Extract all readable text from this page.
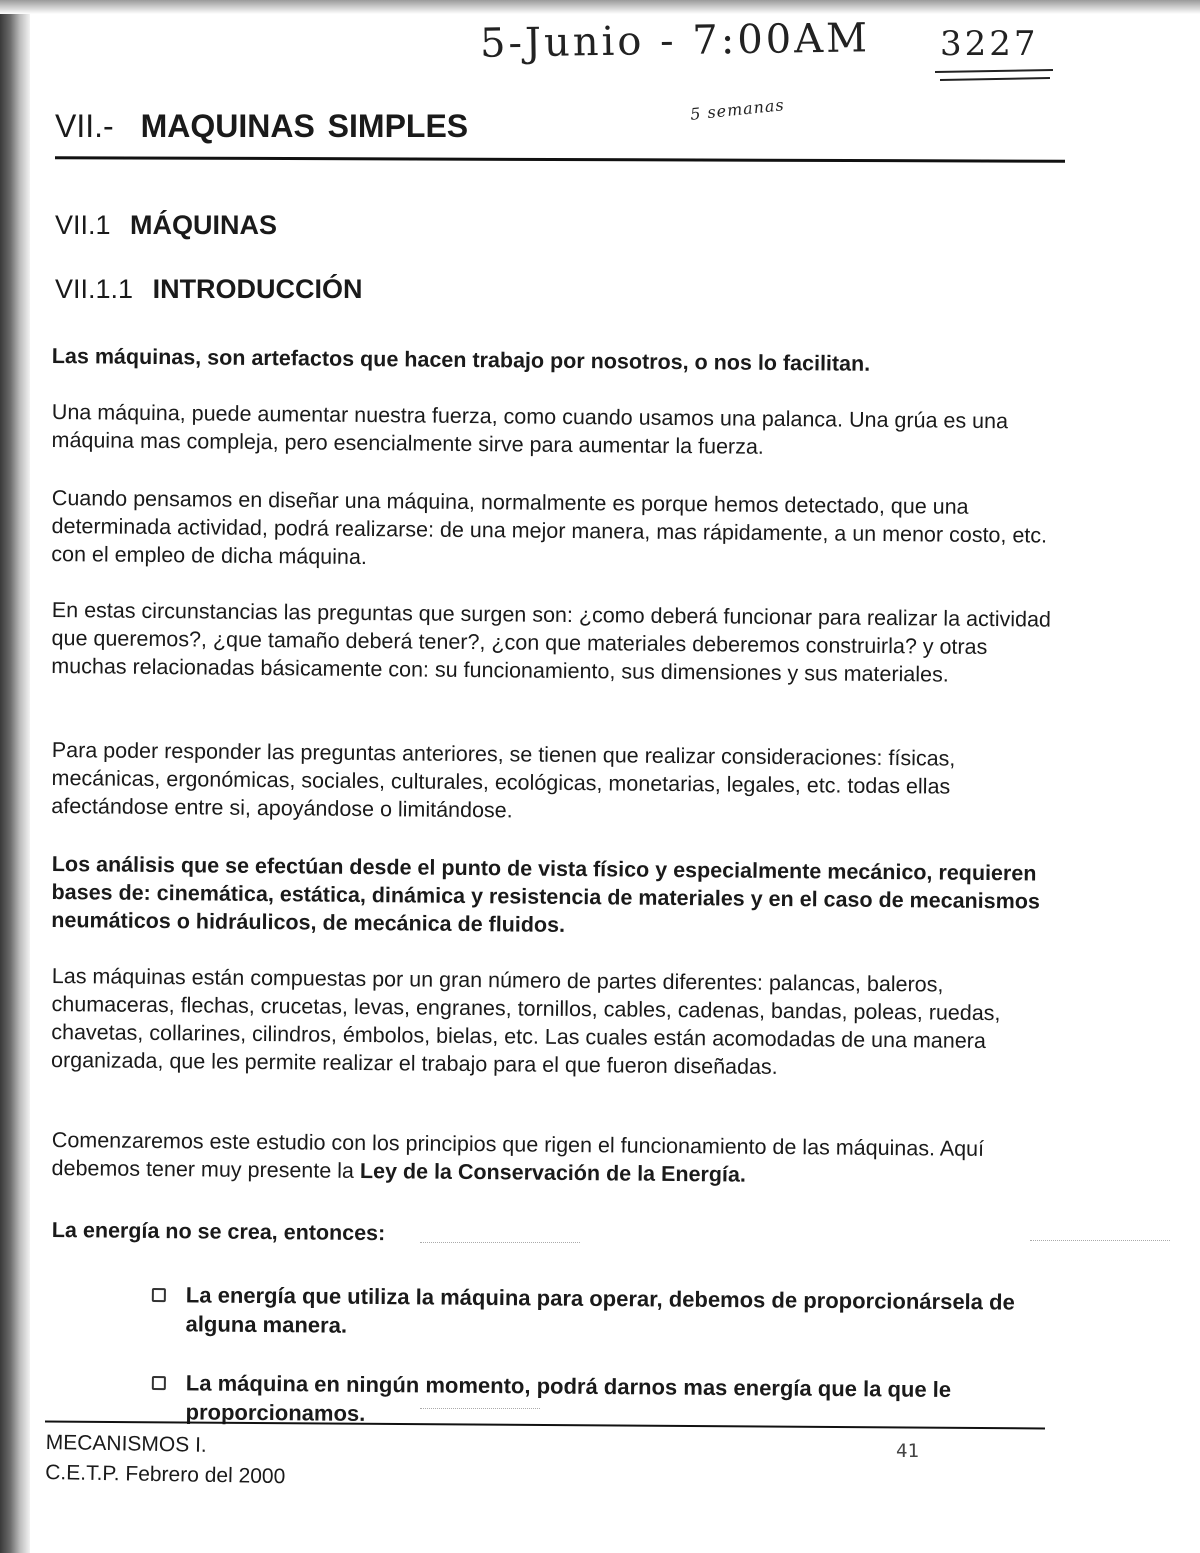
5-Junio - 7:00AM 3227
5 semanas
VII.- MAQUINAS SIMPLES
VII.1 MÁQUINAS
VII.1.1 INTRODUCCIÓN

Las máquinas, son artefactos que hacen trabajo por nosotros, o nos lo facilitan.

Una máquina, puede aumentar nuestra fuerza, como cuando usamos una palanca. Una grúa es una máquina mas compleja, pero esencialmente sirve para aumentar la fuerza.

Cuando pensamos en diseñar una máquina, normalmente es porque hemos detectado, que una determinada actividad, podrá realizarse: de una mejor manera, mas rápidamente, a un menor costo, etc. con el empleo de dicha máquina.

En estas circunstancias las preguntas que surgen son: ¿como deberá funcionar para realizar la actividad que queremos?, ¿que tamaño deberá tener?, ¿con que materiales deberemos construirla? y otras muchas relacionadas básicamente con: su funcionamiento, sus dimensiones y sus materiales.

Para poder responder las preguntas anteriores, se tienen que realizar consideraciones: físicas, mecánicas, ergonómicas, sociales, culturales, ecológicas, monetarias, legales, etc. todas ellas afectándose entre si, apoyándose o limitándose.

Los análisis que se efectúan desde el punto de vista físico y especialmente mecánico, requieren bases de: cinemática, estática, dinámica y resistencia de materiales y en el caso de mecanismos neumáticos o hidráulicos, de mecánica de fluidos.

Las máquinas están compuestas por un gran número de partes diferentes: palancas, baleros, chumaceras, flechas, crucetas, levas, engranes, tornillos, cables, cadenas, bandas, poleas, ruedas, chavetas, collarines, cilindros, émbolos, bielas, etc. Las cuales están acomodadas de una manera organizada, que les permite realizar el trabajo para el que fueron diseñadas.

Comenzaremos este estudio con los principios que rigen el funcionamiento de las máquinas. Aquí debemos tener muy presente la Ley de la Conservación de la Energía.

La energía no se crea, entonces:

La energía que utiliza la máquina para operar, debemos de proporcionársela de alguna manera.
La máquina en ningún momento, podrá darnos mas energía que la que le proporcionamos.
MECANISMOS I.
C.E.T.P. Febrero del 2000
41
